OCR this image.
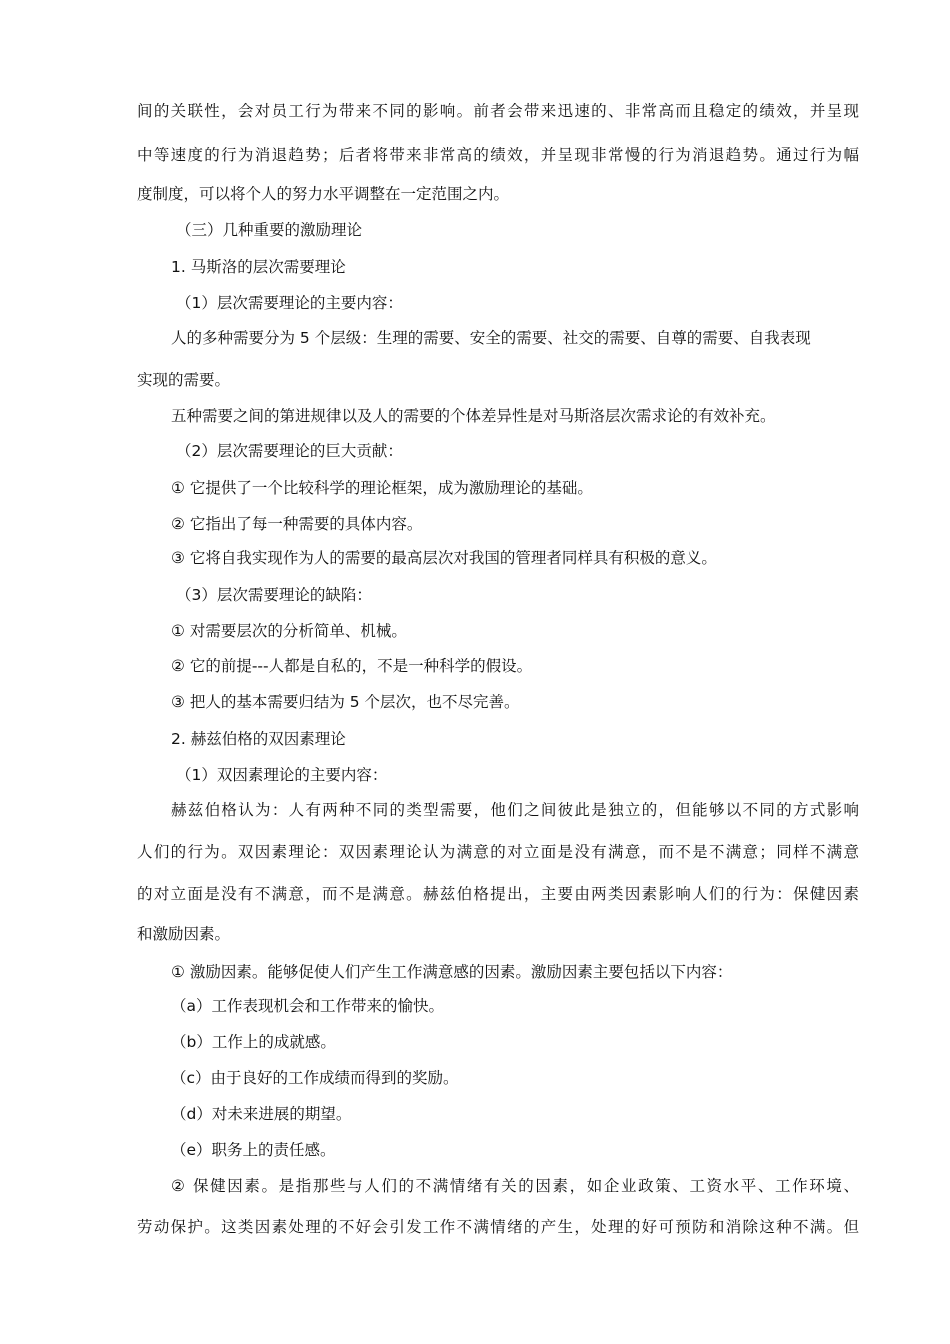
间的关联性，会对员工行为带来不同的影响。前者会带来迅速的、非常高而且稳定的绩效，并呈现
中等速度的行为消退趋势；后者将带来非常高的绩效，并呈现非常慢的行为消退趋势。通过行为幅
度制度，可以将个人的努力水平调整在一定范围之内。
（三）几种重要的激励理论
1. 马斯洛的层次需要理论
（1）层次需要理论的主要内容：
人的多种需要分为 5 个层级：生理的需要、安全的需要、社交的需要、自尊的需要、自我表现
实现的需要。
五种需要之间的第进规律以及人的需要的个体差异性是对马斯洛层次需求论的有效补充。
（2）层次需要理论的巨大贡献：
① 它提供了一个比较科学的理论框架，成为激励理论的基础。
② 它指出了每一种需要的具体内容。
③ 它将自我实现作为人的需要的最高层次对我国的管理者同样具有积极的意义。
（3）层次需要理论的缺陷：
① 对需要层次的分析简单、机械。
② 它的前提---人都是自私的，不是一种科学的假设。
③ 把人的基本需要归结为 5 个层次，也不尽完善。
2. 赫兹伯格的双因素理论
（1）双因素理论的主要内容：
赫兹伯格认为：人有两种不同的类型需要，他们之间彼此是独立的，但能够以不同的方式影响
人们的行为。双因素理论：双因素理论认为满意的对立面是没有满意，而不是不满意；同样不满意
的对立面是没有不满意，而不是满意。赫兹伯格提出，主要由两类因素影响人们的行为：保健因素
和激励因素。
① 激励因素。能够促使人们产生工作满意感的因素。激励因素主要包括以下内容：
（a）工作表现机会和工作带来的愉快。
（b）工作上的成就感。
（c）由于良好的工作成绩而得到的奖励。
（d）对未来进展的期望。
（e）职务上的责任感。
② 保健因素。是指那些与人们的不满情绪有关的因素，如企业政策、工资水平、工作环境、
劳动保护。这类因素处理的不好会引发工作不满情绪的产生，处理的好可预防和消除这种不满。但
